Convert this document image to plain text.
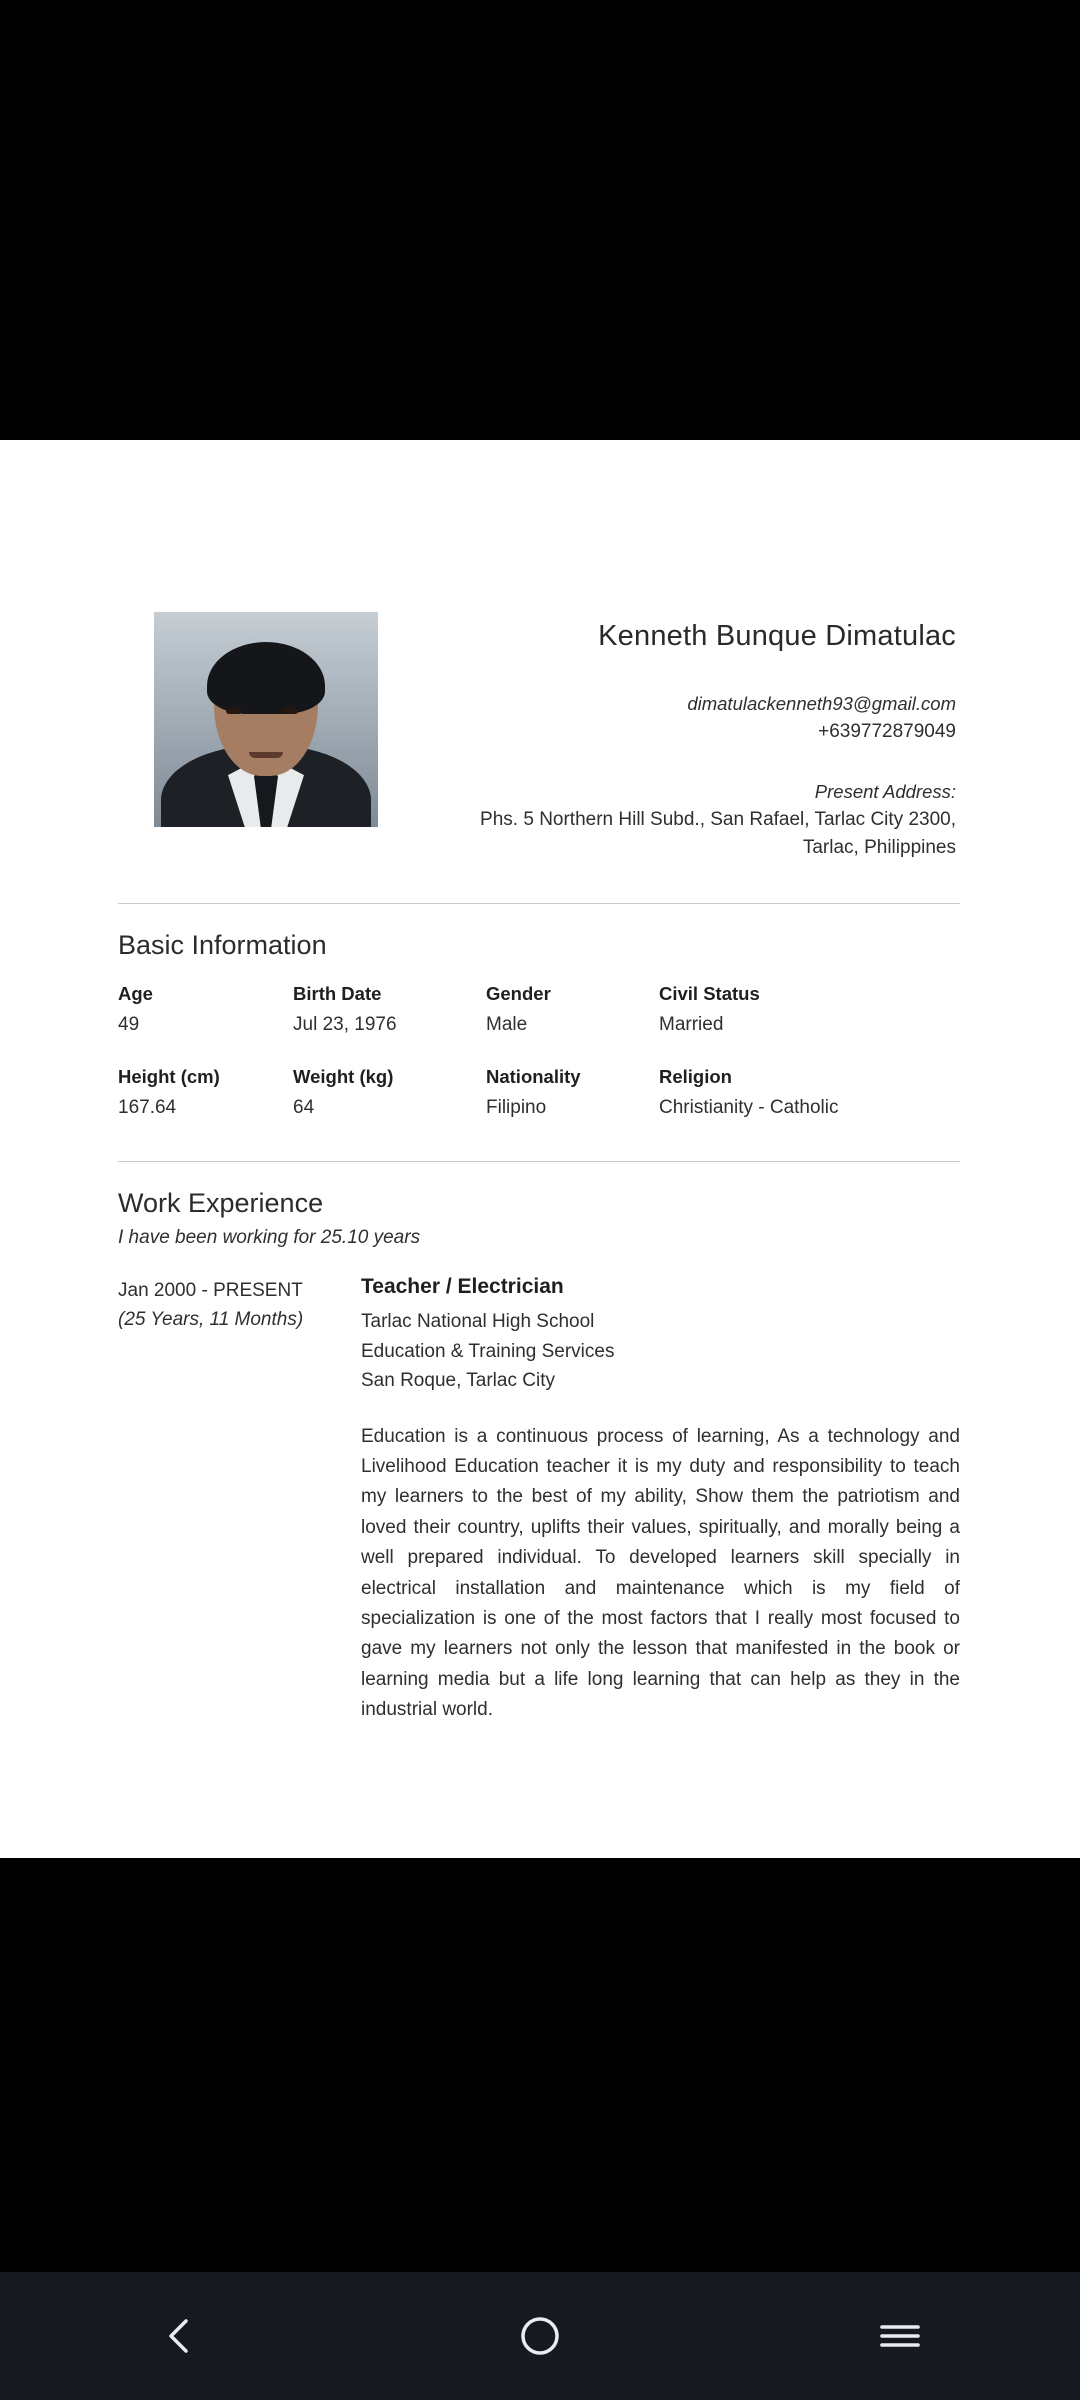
Kenneth Bunque Dimatulac
dimatulackenneth93@gmail.com
+639772879049
Present Address:
Phs. 5 Northern Hill Subd., San Rafael, Tarlac City 2300,
Tarlac, Philippines
Basic Information
Age
49
Birth Date
Jul 23, 1976
Gender
Male
Civil Status
Married
Height (cm)
167.64
Weight (kg)
64
Nationality
Filipino
Religion
Christianity - Catholic
Work Experience
I have been working for 25.10 years
Jan 2000 - PRESENT
(25 Years, 11 Months)
Teacher / Electrician
Tarlac National High School
Education & Training Services
San Roque, Tarlac City
Education is a continuous process of learning, As a technology and Livelihood Education teacher it is my duty and responsibility to teach my learners to the best of my ability, Show them the patriotism and loved their country, uplifts their values, spiritually, and morally being a well prepared individual. To developed learners skill specially in electrical installation and maintenance which is my field of specialization is one of the most factors that I really most focused to gave my learners not only the lesson that manifested in the book or learning media but a life long learning that can help as they in the industrial world.
